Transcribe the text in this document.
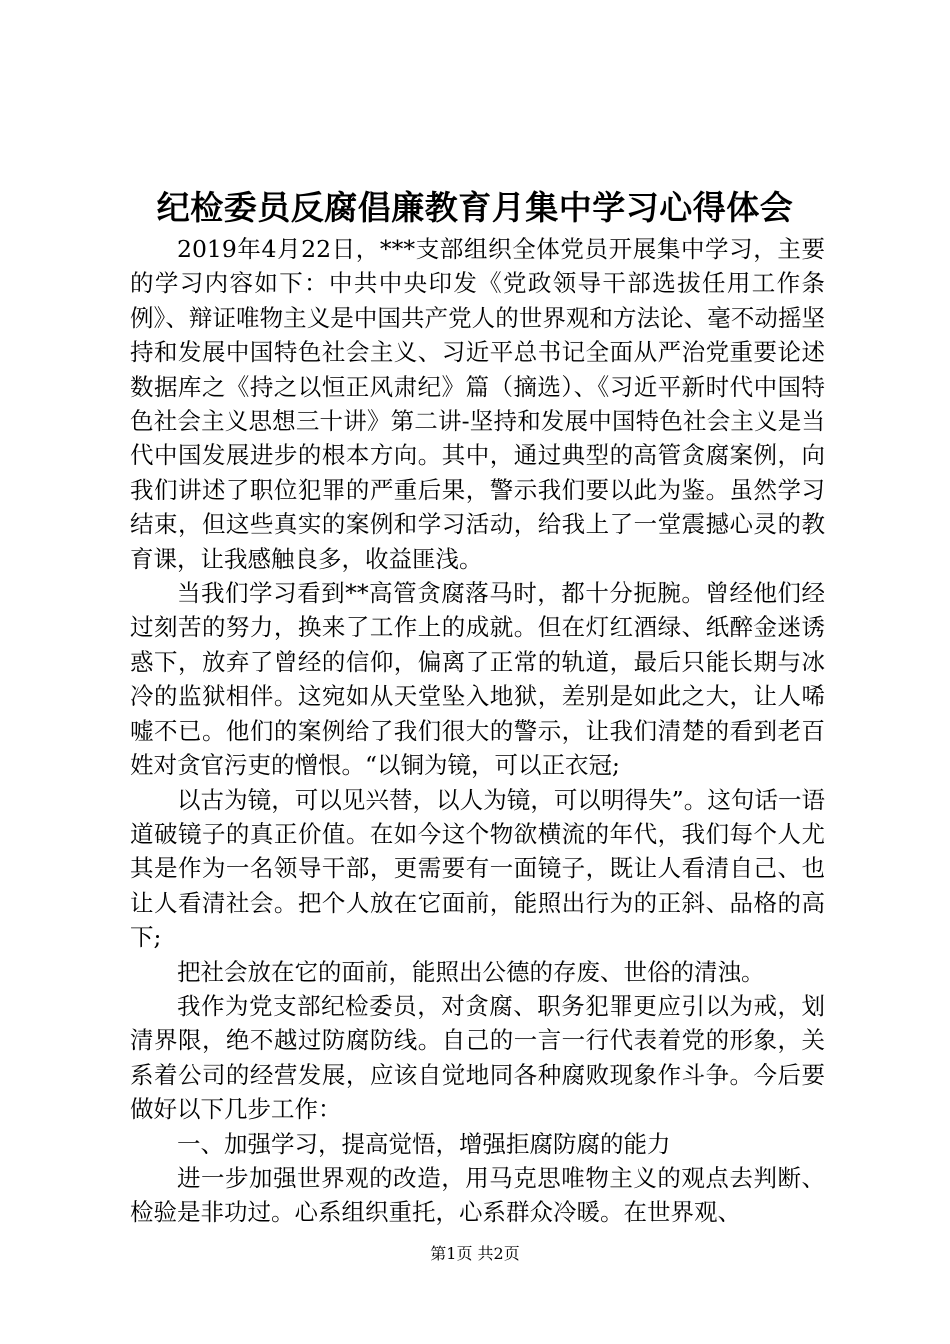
纪检委员反腐倡廉教育月集中学习心得体会

2019年4月22日，***支部组织全体党员开展集中学习，主要的学习内容如下：中共中央印发《党政领导干部选拔任用工作条例》、辩证唯物主义是中国共产党人的世界观和方法论、毫不动摇坚持和发展中国特色社会主义、习近平总书记全面从严治党重要论述数据库之《持之以恒正风肃纪》篇（摘选）、《习近平新时代中国特色社会主义思想三十讲》第二讲-坚持和发展中国特色社会主义是当代中国发展进步的根本方向。其中，通过典型的高管贪腐案例，向我们讲述了职位犯罪的严重后果，警示我们要以此为鉴。虽然学习结束，但这些真实的案例和学习活动，给我上了一堂震撼心灵的教育课，让我感触良多，收益匪浅。

当我们学习看到**高管贪腐落马时，都十分扼腕。曾经他们经过刻苦的努力，换来了工作上的成就。但在灯红酒绿、纸醉金迷诱惑下，放弃了曾经的信仰，偏离了正常的轨道，最后只能长期与冰冷的监狱相伴。这宛如从天堂坠入地狱，差别是如此之大，让人唏嘘不已。他们的案例给了我们很大的警示，让我们清楚的看到老百姓对贪官污吏的憎恨。“以铜为镜，可以正衣冠;

以古为镜，可以见兴替，以人为镜，可以明得失”。这句话一语道破镜子的真正价值。在如今这个物欲横流的年代，我们每个人尤其是作为一名领导干部，更需要有一面镜子，既让人看清自己、也让人看清社会。把个人放在它面前，能照出行为的正斜、品格的高下;

把社会放在它的面前，能照出公德的存废、世俗的清浊。

我作为党支部纪检委员，对贪腐、职务犯罪更应引以为戒，划清界限，绝不越过防腐防线。自己的一言一行代表着党的形象，关系着公司的经营发展，应该自觉地同各种腐败现象作斗争。今后要做好以下几步工作：

一、加强学习，提高觉悟，增强拒腐防腐的能力

进一步加强世界观的改造，用马克思唯物主义的观点去判断、检验是非功过。心系组织重托，心系群众冷暖。在世界观、

第1页 共2页
